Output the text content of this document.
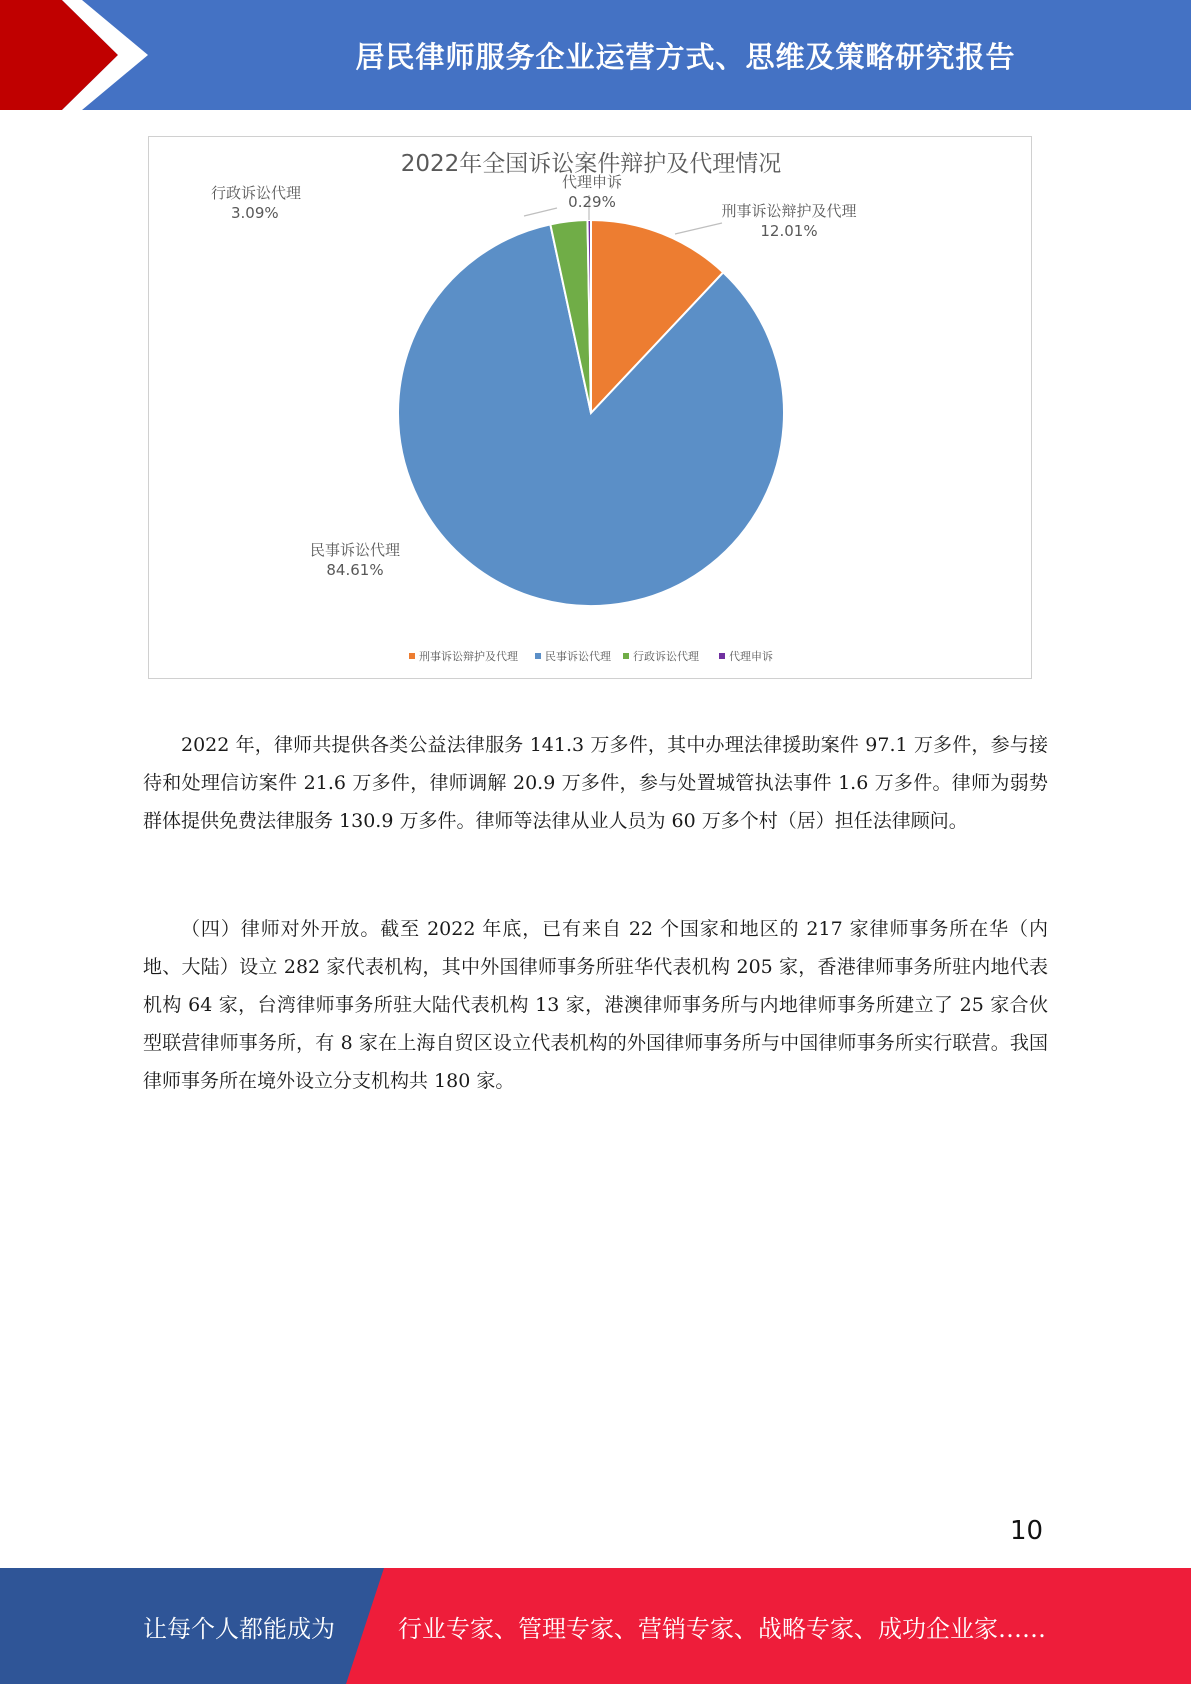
居民律师服务企业运营方式、思维及策略研究报告
2022年全国诉讼案件辩护及代理情况
刑事诉讼辩护及代理
12.01%
民事诉讼代理
84.61%
行政诉讼代理
3.09%
代理申诉
0.29%
刑事诉讼辩护及代理 民事诉讼代理 行政诉讼代理	代理申诉

2022 年，律师共提供各类公益法律服务 141.3 万多件，其中办理法律援助案件 97.1 万多件，参与接待和处理信访案件 21.6 万多件，律师调解 20.9 万多件，参与处置城管执法事件 1.6 万多件。律师为弱势群体提供免费法律服务 130.9 万多件。律师等法律从业人员为 60 万多个村（居）担任法律顾问。

（四）律师对外开放。截至 2022 年底，已有来自 22 个国家和地区的 217 家律师事务所在华（内地、大陆）设立 282 家代表机构，其中外国律师事务所驻华代表机构 205 家，香港律师事务所驻内地代表机构 64 家，台湾律师事务所驻大陆代表机构 13 家，港澳律师事务所与内地律师事务所建立了 25 家合伙型联营律师事务所，有 8 家在上海自贸区设立代表机构的外国律师事务所与中国律师事务所实行联营。我国律师事务所在境外设立分支机构共 180 家。

10
让每个人都能成为	行业专家、管理专家、营销专家、战略专家、成功企业家……
